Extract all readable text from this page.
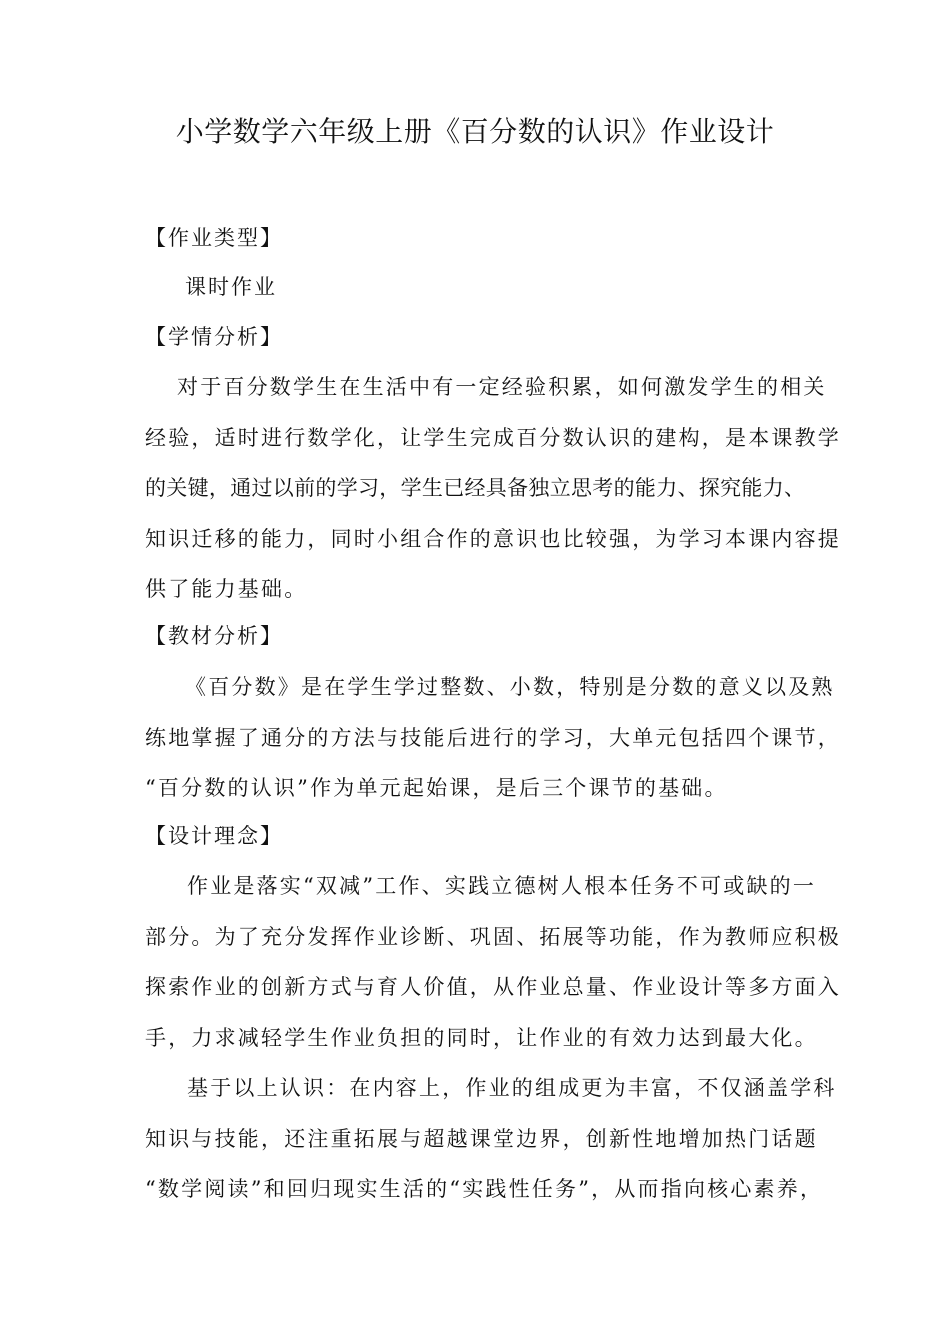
小学数学六年级上册《百分数的认识》作业设计
【作业类型】
课时作业
【学情分析】
对于百分数学生在生活中有一定经验积累，如何激发学生的相关
经验，适时进行数学化，让学生完成百分数认识的建构，是本课教学
的关键，通过以前的学习，学生已经具备独立思考的能力、探究能力、
知识迁移的能力，同时小组合作的意识也比较强，为学习本课内容提
供了能力基础。
【教材分析】
《百分数》是在学生学过整数、小数，特别是分数的意义以及熟
练地掌握了通分的方法与技能后进行的学习，大单元包括四个课节，
“百分数的认识”作为单元起始课，是后三个课节的基础。
【设计理念】
作业是落实“双减”工作、实践立德树人根本任务不可或缺的一
部分。为了充分发挥作业诊断、巩固、拓展等功能，作为教师应积极
探索作业的创新方式与育人价值，从作业总量、作业设计等多方面入
手，力求减轻学生作业负担的同时，让作业的有效力达到最大化。
基于以上认识：在内容上，作业的组成更为丰富，不仅涵盖学科
知识与技能，还注重拓展与超越课堂边界，创新性地增加热门话题
“数学阅读”和回归现实生活的“实践性任务”，从而指向核心素养，
